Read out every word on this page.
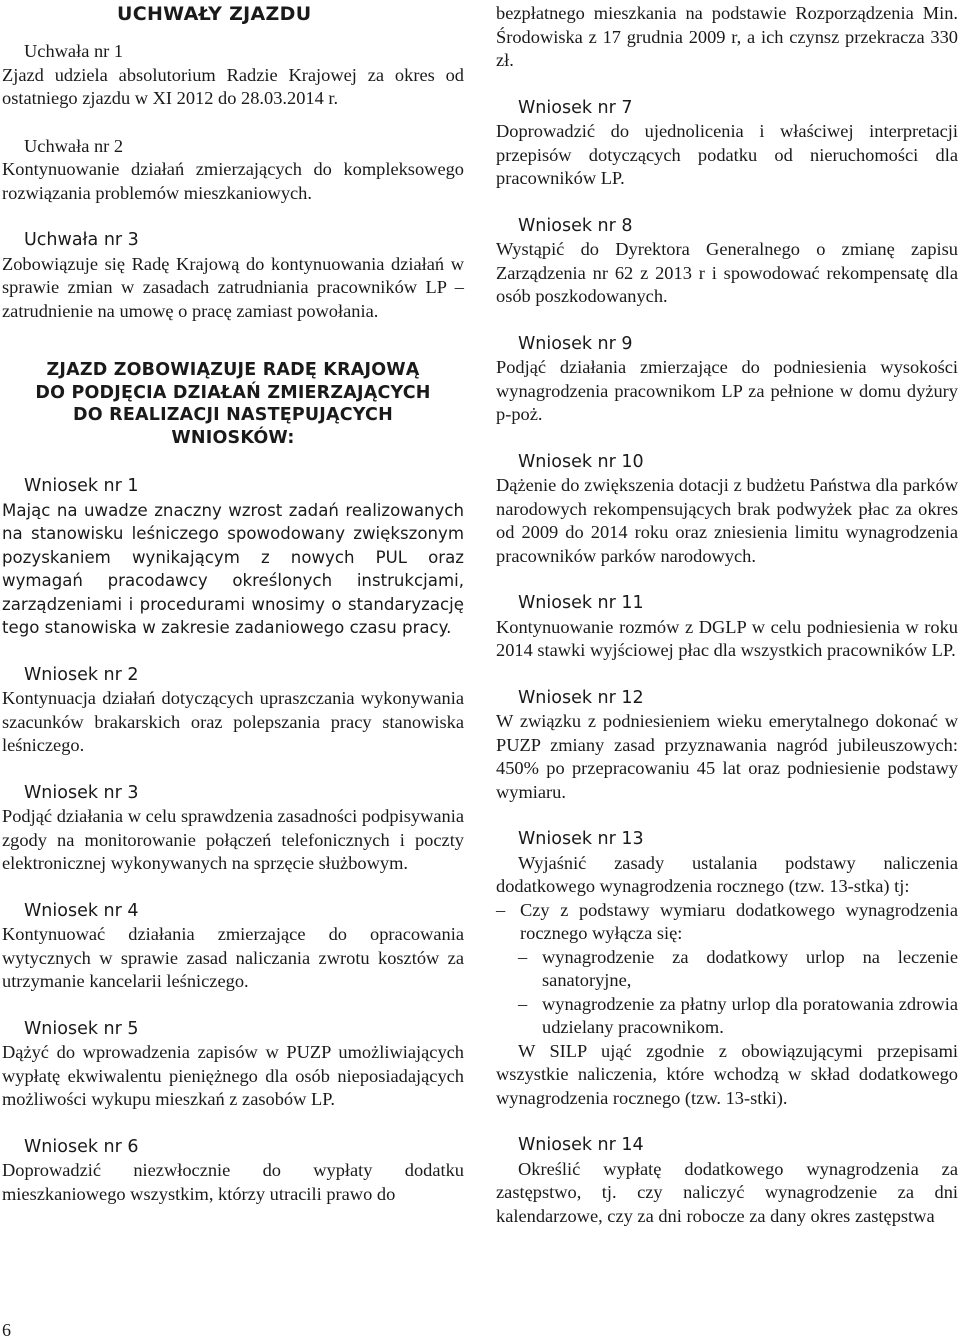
UCHWAŁY ZJAZDU
Uchwała nr 1

Zjazd udziela absolutorium Radzie Krajowej za okres od ostatniego zjazdu w XI 2012 do 28.03.2014 r.

Uchwała nr 2

Kontynuowanie działań zmierzających do kompleksowego rozwiązania problemów mieszkaniowych.

Uchwała nr 3

Zobowiązuje się Radę Krajową do kontynuowania działań w sprawie zmian w zasadach zatrudniania pracowników LP – zatrudnienie na umowę o pracę zamiast powołania.

ZJAZD ZOBOWIĄZUJE RADĘ KRAJOWĄ

DO PODJĘCIA DZIAŁAŃ ZMIERZAJĄCYCH

DO REALIZACJI NASTĘPUJĄCYCH

WNIOSKÓW:

Wniosek nr 1

Mając na uwadze znaczny wzrost zadań realizowanych na stanowisku leśniczego spowodowany zwiększonym pozyskaniem wynikającym z nowych PUL oraz wymagań pracodawcy określonych instrukcjami, zarządzeniami i procedurami wnosimy o standaryzację tego stanowiska w zakresie zadaniowego czasu pracy.

Wniosek nr 2

Kontynuacja działań dotyczących upraszczania wykonywania szacunków brakarskich oraz polepszania pracy stanowiska leśniczego.

Wniosek nr 3

Podjąć działania w celu sprawdzenia zasadności podpisywania zgody na monitorowanie połączeń telefonicznych i poczty elektronicznej wykonywanych na sprzęcie służbowym.

Wniosek nr 4

Kontynuować działania zmierzające do opracowania wytycznych w sprawie zasad naliczania zwrotu kosztów za utrzymanie kancelarii leśniczego.

Wniosek nr 5

Dążyć do wprowadzenia zapisów w PUZP umożliwiających wypłatę ekwiwalentu pieniężnego dla osób nieposiadających możliwości wykupu mieszkań z zasobów LP.

Wniosek nr 6

Doprowadzić niezwłocznie do wypłaty dodatku mieszkaniowego wszystkim, którzy utracili prawo do

bezpłatnego mieszkania na podstawie Rozporządzenia Min. Środowiska z 17 grudnia 2009 r, a ich czynsz przekracza 330 zł.

Wniosek nr 7

Doprowadzić do ujednolicenia i właściwej interpretacji przepisów dotyczących podatku od nieruchomości dla pracowników LP.

Wniosek nr 8

Wystąpić do Dyrektora Generalnego o zmianę zapisu Zarządzenia nr 62 z 2013 r i spowodować rekompensatę dla osób poszkodowanych.

Wniosek nr 9

Podjąć działania zmierzające do podniesienia wysokości wynagrodzenia pracownikom LP za pełnione w domu dyżury p-poż.

Wniosek nr 10

Dążenie do zwiększenia dotacji z budżetu Państwa dla parków narodowych rekompensujących brak podwyżek płac za okres od 2009 do 2014 roku oraz zniesienia limitu wynagrodzenia pracowników parków narodowych.

Wniosek nr 11

Kontynuowanie rozmów z DGLP w celu podniesienia w roku 2014 stawki wyjściowej płac dla wszystkich pracowników LP.

Wniosek nr 12

W związku z podniesieniem wieku emerytalnego dokonać w PUZP zmiany zasad przyznawania nagród jubileuszowych: 450% po przepracowaniu 45 lat oraz podniesienie podstawy wymiaru.

Wniosek nr 13

Wyjaśnić zasady ustalania podstawy naliczenia dodatkowego wynagrodzenia rocznego (tzw. 13-stka) tj:

– Czy z podstawy wymiaru dodatkowego wynagrodzenia rocznego wyłącza się:
– wynagrodzenie za dodatkowy urlop na leczenie sanatoryjne,
– wynagrodzenie za płatny urlop dla poratowania zdrowia udzielany pracownikom.

W SILP ująć zgodnie z obowiązującymi przepisami wszystkie naliczenia, które wchodzą w skład dodatkowego wynagrodzenia rocznego (tzw. 13-stki).

Wniosek nr 14

Określić wypłatę dodatkowego wynagrodzenia za zastępstwo, tj. czy naliczyć wynagrodzenie za dni kalendarzowe, czy za dni robocze za dany okres zastępstwa

6
